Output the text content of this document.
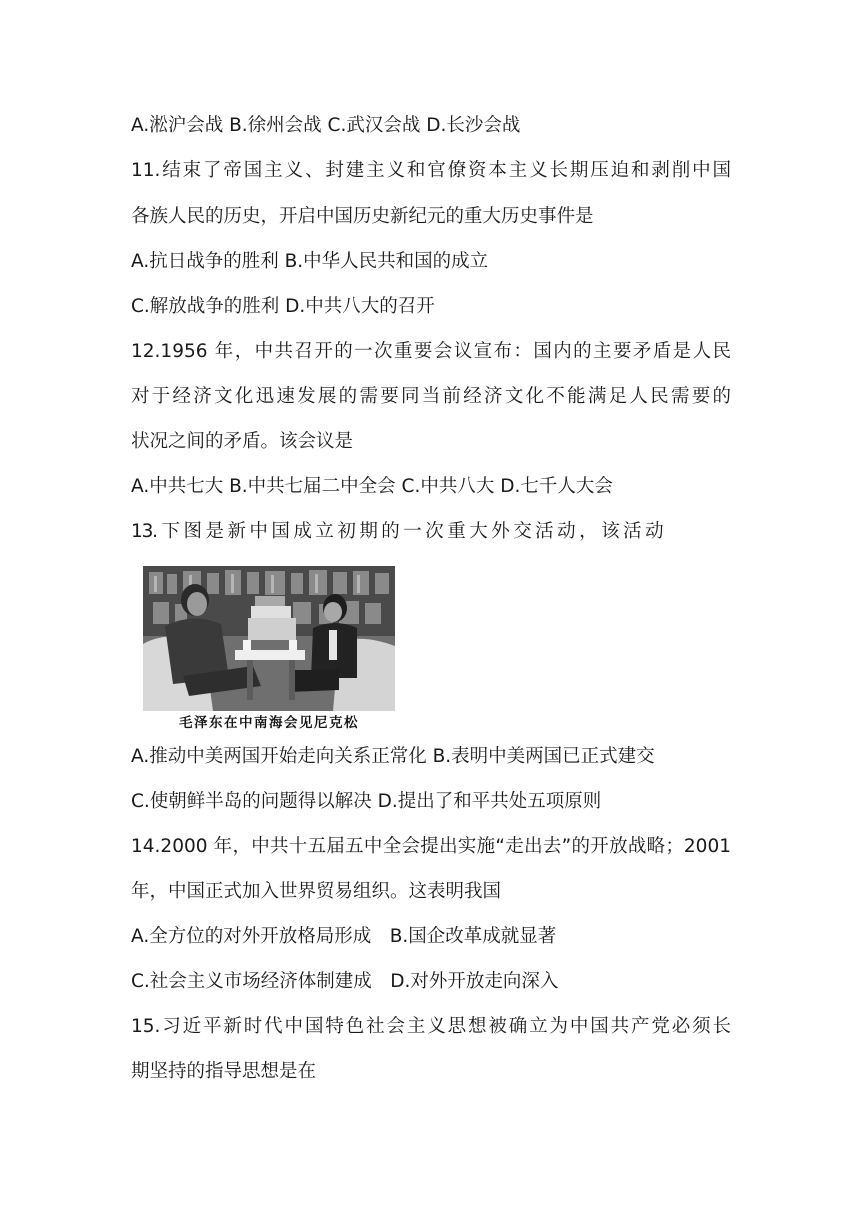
A.淞沪会战 B.徐州会战 C.武汉会战 D.长沙会战
11.结束了帝国主义、封建主义和官僚资本主义长期压迫和剥削中国
各族人民的历史，开启中国历史新纪元的重大历史事件是
A.抗日战争的胜利 B.中华人民共和国的成立
C.解放战争的胜利 D.中共八大的召开
12.1956 年，中共召开的一次重要会议宣布：国内的主要矛盾是人民
对于经济文化迅速发展的需要同当前经济文化不能满足人民需要的
状况之间的矛盾。该会议是
A.中共七大 B.中共七届二中全会 C.中共八大 D.七千人大会
13. 下 图 是 新 中 国 成 立 初 期 的 一 次 重 大 外 交 活 动 ， 该 活 动
毛泽东在中南海会见尼克松
A.推动中美两国开始走向关系正常化 B.表明中美两国已正式建交
C.使朝鲜半岛的问题得以解决 D.提出了和平共处五项原则
14.2000 年，中共十五届五中全会提出实施“走出去”的开放战略；2001
年，中国正式加入世界贸易组织。这表明我国
A.全方位的对外开放格局形成　B.国企改革成就显著
C.社会主义市场经济体制建成　D.对外开放走向深入
15.习近平新时代中国特色社会主义思想被确立为中国共产党必须长
期坚持的指导思想是在
